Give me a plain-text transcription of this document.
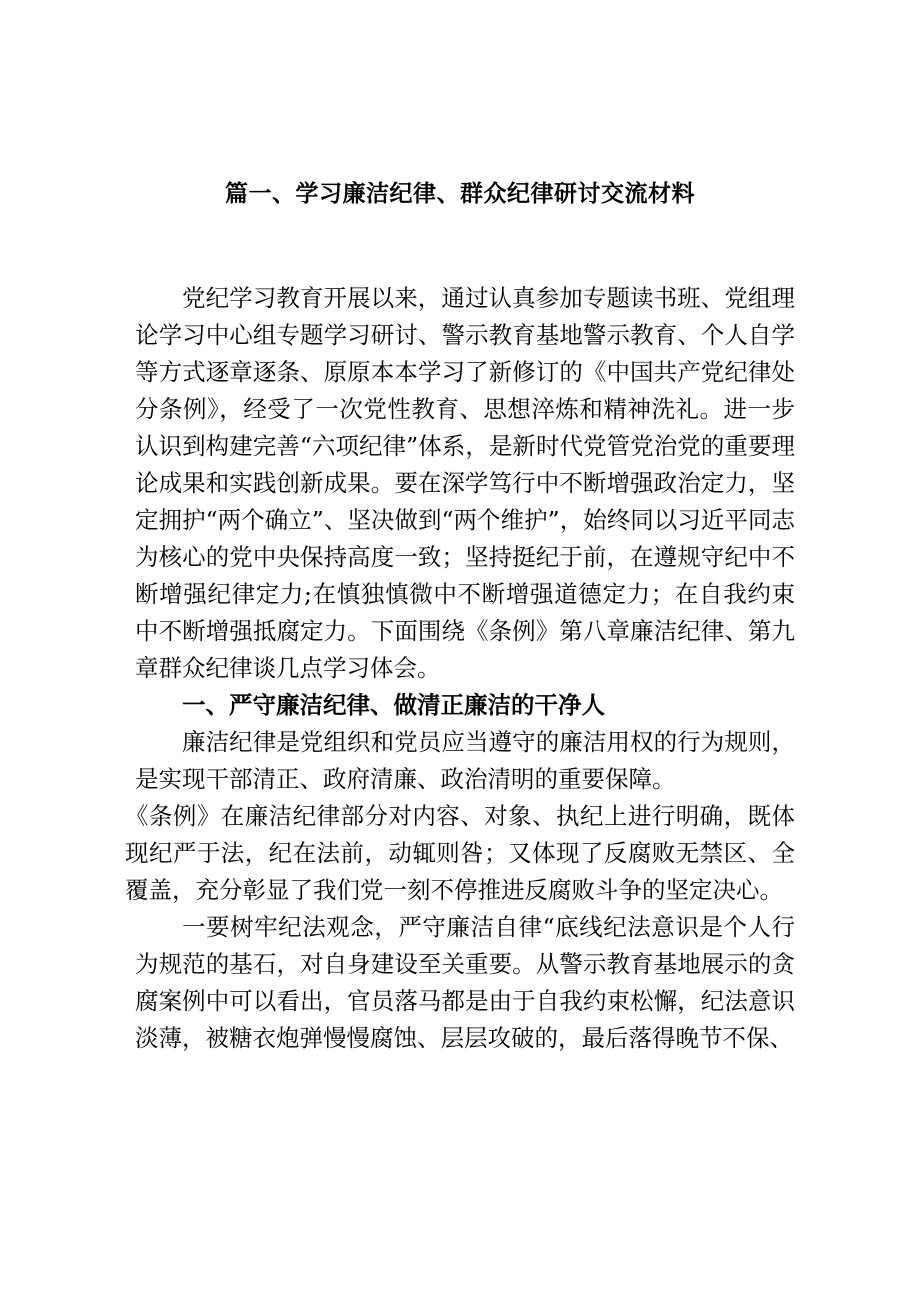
篇一、学习廉洁纪律、群众纪律研讨交流材料

党纪学习教育开展以来，通过认真参加专题读书班、党组理论学习中心组专题学习研讨、警示教育基地警示教育、个人自学等方式逐章逐条、原原本本学习了新修订的《中国共产党纪律处分条例》，经受了一次党性教育、思想淬炼和精神洗礼。进一步认识到构建完善“六项纪律”体系，是新时代党管党治党的重要理论成果和实践创新成果。要在深学笃行中不断增强政治定力，坚定拥护“两个确立”、坚决做到“两个维护”，始终同以习近平同志为核心的党中央保持高度一致；坚持挺纪于前，在遵规守纪中不断增强纪律定力;在慎独慎微中不断增强道德定力；在自我约束中不断增强抵腐定力。下面围绕《条例》第八章廉洁纪律、第九章群众纪律谈几点学习体会。

一、严守廉洁纪律、做清正廉洁的干净人

廉洁纪律是党组织和党员应当遵守的廉洁用权的行为规则，是实现干部清正、政府清廉、政治清明的重要保障。

《条例》在廉洁纪律部分对内容、对象、执纪上进行明确，既体现纪严于法，纪在法前，动辄则咎；又体现了反腐败无禁区、全覆盖，充分彰显了我们党一刻不停推进反腐败斗争的坚定决心。

一要树牢纪法观念，严守廉洁自律“底线纪法意识是个人行为规范的基石，对自身建设至关重要。从警示教育基地展示的贪腐案例中可以看出，官员落马都是由于自我约束松懈，纪法意识淡薄，被糖衣炮弹慢慢腐蚀、层层攻破的，最后落得晚节不保、
